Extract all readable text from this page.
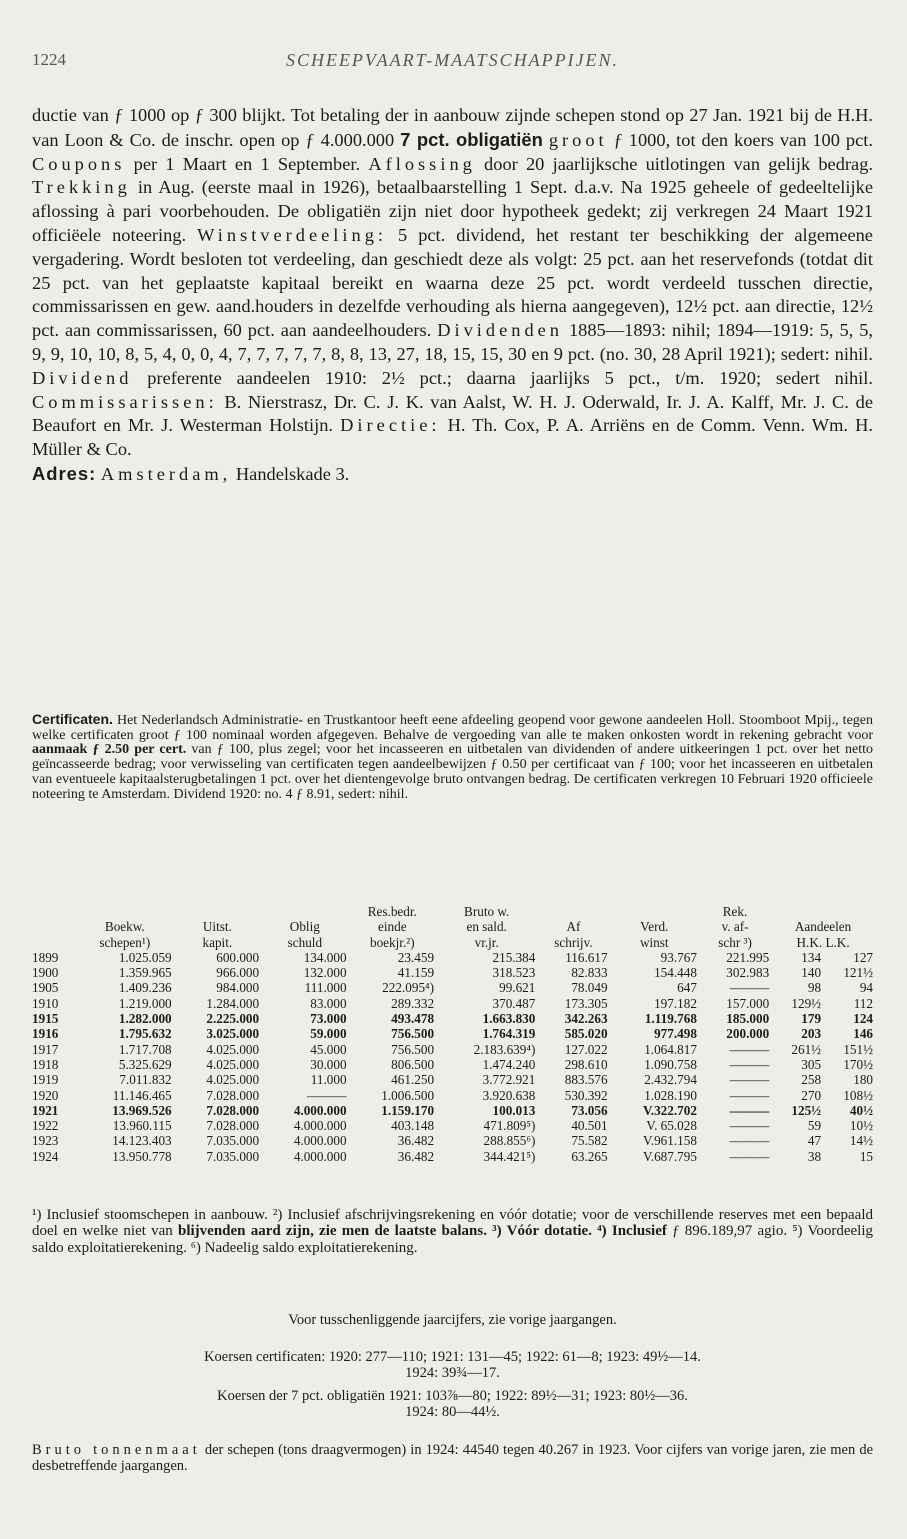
1224	SCHEEPVAART-MAATSCHAPPIJEN.

ductie van ƒ 1000 op ƒ 300 blijkt. Tot betaling der in aanbouw zijnde schepen stond op 27 Jan. 1921 bij de H.H. van Loon & Co. de inschr. open op ƒ 4.000.000 7 pct. obligatiën groot ƒ 1000, tot den koers van 100 pct. Coupons per 1 Maart en 1 September. Aflossing door 20 jaarlijksche uitlotingen van gelijk bedrag. Trekking in Aug. (eerste maal in 1926), betaalbaarstelling 1 Sept. d.a.v. Na 1925 geheele of gedeeltelijke aflossing à pari voorbehouden. De obligatiën zijn niet door hypotheek gedekt; zij verkregen 24 Maart 1921 officiëele noteering. Winstverdeeling: 5 pct. dividend, het restant ter beschikking der algemeene vergadering. Wordt besloten tot verdeeling, dan geschiedt deze als volgt: 25 pct. aan het reservefonds (totdat dit 25 pct. van het geplaatste kapitaal bereikt en waarna deze 25 pct. wordt verdeeld tusschen directie, commissarissen en gew. aand.houders in dezelfde verhouding als hierna aangegeven), 12½ pct. aan directie, 12½ pct. aan commissarissen, 60 pct. aan aandeelhouders. Dividenden 1885—1893: nihil; 1894—1919: 5, 5, 5, 9, 9, 10, 10, 8, 5, 4, 0, 0, 4, 7, 7, 7, 7, 7, 8, 8, 13, 27, 18, 15, 15, 30 en 9 pct. (no. 30, 28 April 1921); sedert: nihil. Dividend preferente aandeelen 1910: 2½ pct.; daarna jaarlijks 5 pct., t/m. 1920; sedert nihil. Commissarissen: B. Nierstrasz, Dr. C. J. K. van Aalst, W. H. J. Oderwald, Ir. J. A. Kalff, Mr. J. C. de Beaufort en Mr. J. Westerman Holstijn. Directie: H. Th. Cox, P. A. Arriëns en de Comm. Venn. Wm. H. Müller & Co.

Adres: Amsterdam, Handelskade 3.

Certificaten. Het Nederlandsch Administratie- en Trustkantoor heeft eene afdeeling geopend voor gewone aandeelen Holl. Stoomboot Mpij., tegen welke certificaten groot ƒ 100 nominaal worden afgegeven. Behalve de vergoeding van alle te maken onkosten wordt in rekening gebracht voor aanmaak ƒ 2.50 per cert. van ƒ 100, plus zegel; voor het incasseeren en uitbetalen van dividenden of andere uitkeeringen 1 pct. over het netto geïncasseerde bedrag; voor verwisseling van certificaten tegen aandeelbewijzen ƒ 0.50 per certificaat van ƒ 100; voor het incasseeren en uitbetalen van eventueele kapitaalsterugbetalingen 1 pct. over het dientengevolge bruto ontvangen bedrag. De certificaten verkregen 10 Februari 1920 officieele noteering te Amsterdam. Dividend 1920: no. 4 ƒ 8.91, sedert: nihil.

				Res.bedr.	Bruto w.			Rek.		
	Boekw.	Uitst.	Oblig	einde	en sald.	Af	Verd.	v. af-	Aandeelen	
	schepen¹)	kapit.	schuld	boekjr.²)	vr.jr.	schrijv.	winst	schr ³)	H.K. L.K.	
1899	1.025.059	600.000	134.000	23.459	215.384	116.617	93.767	221.995	134	127
1900	1.359.965	966.000	132.000	41.159	318.523	82.833	154.448	302.983	140	121½
1905	1.409.236	984.000	111.000	222.095⁴)	99.621	78.049	647	———	98	94
1910	1.219.000	1.284.000	83.000	289.332	370.487	173.305	197.182	157.000	129½	112
1915	1.282.000	2.225.000	73.000	493.478	1.663.830	342.263	1.119.768	185.000	179	124
1916	1.795.632	3.025.000	59.000	756.500	1.764.319	585.020	977.498	200.000	203	146
1917	1.717.708	4.025.000	45.000	756.500	2.183.639⁴)	127.022	1.064.817	———	261½	151½
1918	5.325.629	4.025.000	30.000	806.500	1.474.240	298.610	1.090.758	———	305	170½
1919	7.011.832	4.025.000	11.000	461.250	3.772.921	883.576	2.432.794	———	258	180
1920	11.146.465	7.028.000	———	1.006.500	3.920.638	530.392	1.028.190	———	270	108½
1921	13.969.526	7.028.000	4.000.000	1.159.170	100.013	73.056	V.322.702	———	125½	40½
1922	13.960.115	7.028.000	4.000.000	403.148	471.809⁵)	40.501	V. 65.028	———	59	10½
1923	14.123.403	7.035.000	4.000.000	36.482	288.855⁶)	75.582	V.961.158	———	47	14½
1924	13.950.778	7.035.000	4.000.000	36.482	344.421⁵)	63.265	V.687.795	———	38	15

¹) Inclusief stoomschepen in aanbouw. ²) Inclusief afschrijvingsrekening en vóór dotatie; voor de verschillende reserves met een bepaald doel en welke niet van blijvenden aard zijn, zie men de laatste balans. ³) Vóór dotatie. ⁴) Inclusief ƒ 896.189,97 agio. ⁵) Voordeelig saldo exploitatierekening. ⁶) Nadeelig saldo exploitatierekening.

Voor tusschenliggende jaarcijfers, zie vorige jaargangen.
Koersen certificaten: 1920: 277—110; 1921: 131—45; 1922: 61—8; 1923: 49½—14.
1924: 39¾—17.
Koersen der 7 pct. obligatiën 1921: 103⅞—80; 1922: 89½—31; 1923: 80½—36.
1924: 80—44½.
Bruto tonnenmaat der schepen (tons draagvermogen) in 1924: 44540 tegen 40.267 in 1923. Voor cijfers van vorige jaren, zie men de desbetreffende jaargangen.
